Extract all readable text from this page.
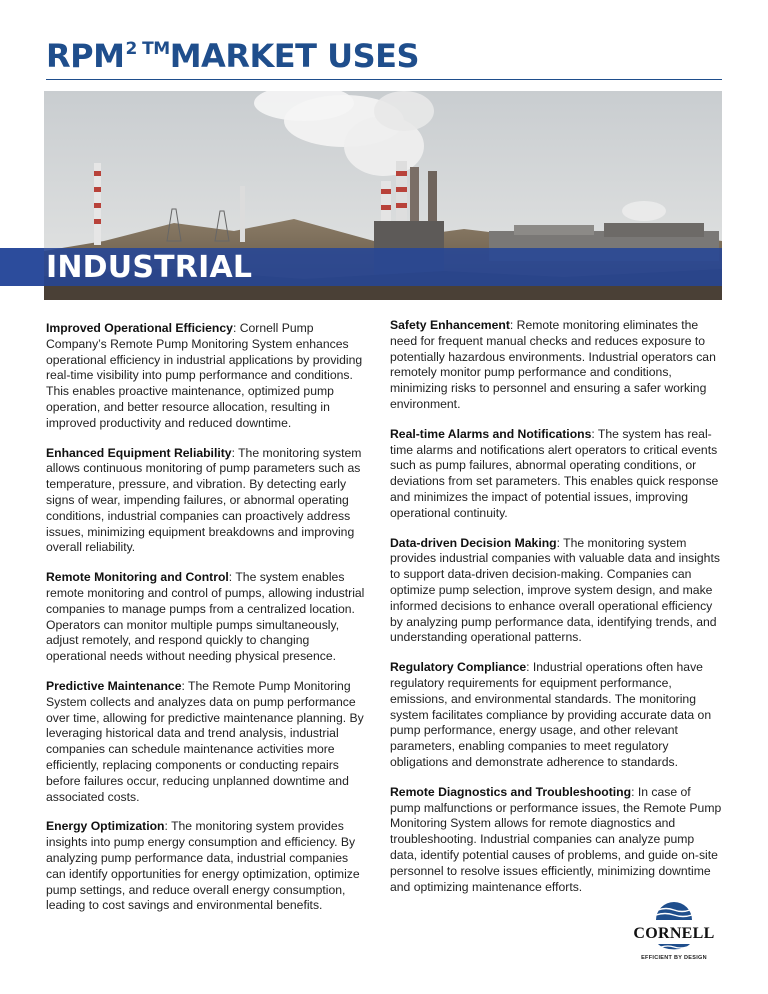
$RPM^{2 TM}MARKET$ USES
INDUSTRIAL

Improved Operational Efficiency: Cornell Pump Company’s Remote Pump Monitoring System enhances operational efficiency in industrial applications by providing real-time visibility into pump performance and conditions. This enables proactive maintenance, optimized pump operation, and better resource allocation, resulting in improved productivity and reduced downtime.

Enhanced Equipment Reliability: The monitoring system allows continuous monitoring of pump parameters such as temperature, pressure, and vibration. By detecting early signs of wear, impending failures, or abnormal operating conditions, industrial companies can proactively address issues, minimizing equipment breakdowns and improving overall reliability.

Remote Monitoring and Control: The system enables remote monitoring and control of pumps, allowing industrial companies to manage pumps from a centralized location. Operators can monitor multiple pumps simultaneously, adjust remotely, and respond quickly to changing operational needs without needing physical presence.

Predictive Maintenance: The Remote Pump Monitoring System collects and analyzes data on pump performance over time, allowing for predictive maintenance planning. By leveraging historical data and trend analysis, industrial companies can schedule maintenance activities more efficiently, replacing components or conducting repairs before failures occur, reducing unplanned downtime and associated costs.

Energy Optimization: The monitoring system provides insights into pump energy consumption and efficiency. By analyzing pump performance data, industrial companies can identify opportunities for energy optimization, optimize pump settings, and reduce overall energy consumption, leading to cost savings and environmental benefits.

Safety Enhancement: Remote monitoring eliminates the need for frequent manual checks and reduces exposure to potentially hazardous environments. Industrial operators can remotely monitor pump performance and conditions, minimizing risks to personnel and ensuring a safer working environment.

Real-time Alarms and Notifications: The system has real-time alarms and notifications alert operators to critical events such as pump failures, abnormal operating conditions, or deviations from set parameters. This enables quick response and minimizes the impact of potential issues, improving operational continuity.

Data-driven Decision Making: The monitoring system provides industrial companies with valuable data and insights to support data-driven decision-making. Companies can optimize pump selection, improve system design, and make informed decisions to enhance overall operational efficiency by analyzing pump performance data, identifying trends, and understanding operational patterns.

Regulatory Compliance: Industrial operations often have regulatory requirements for equipment performance, emissions, and environmental standards. The monitoring system facilitates compliance by providing accurate data on pump performance, energy usage, and other relevant parameters, enabling companies to meet regulatory obligations and demonstrate adherence to standards.

Remote Diagnostics and Troubleshooting: In case of pump malfunctions or performance issues, the Remote Pump Monitoring System allows for remote diagnostics and troubleshooting. Industrial companies can analyze pump data, identify potential causes of problems, and guide on-site personnel to resolve issues efficiently, minimizing downtime and optimizing maintenance efforts.

CORNELL
EFFICIENT BY DESIGN
